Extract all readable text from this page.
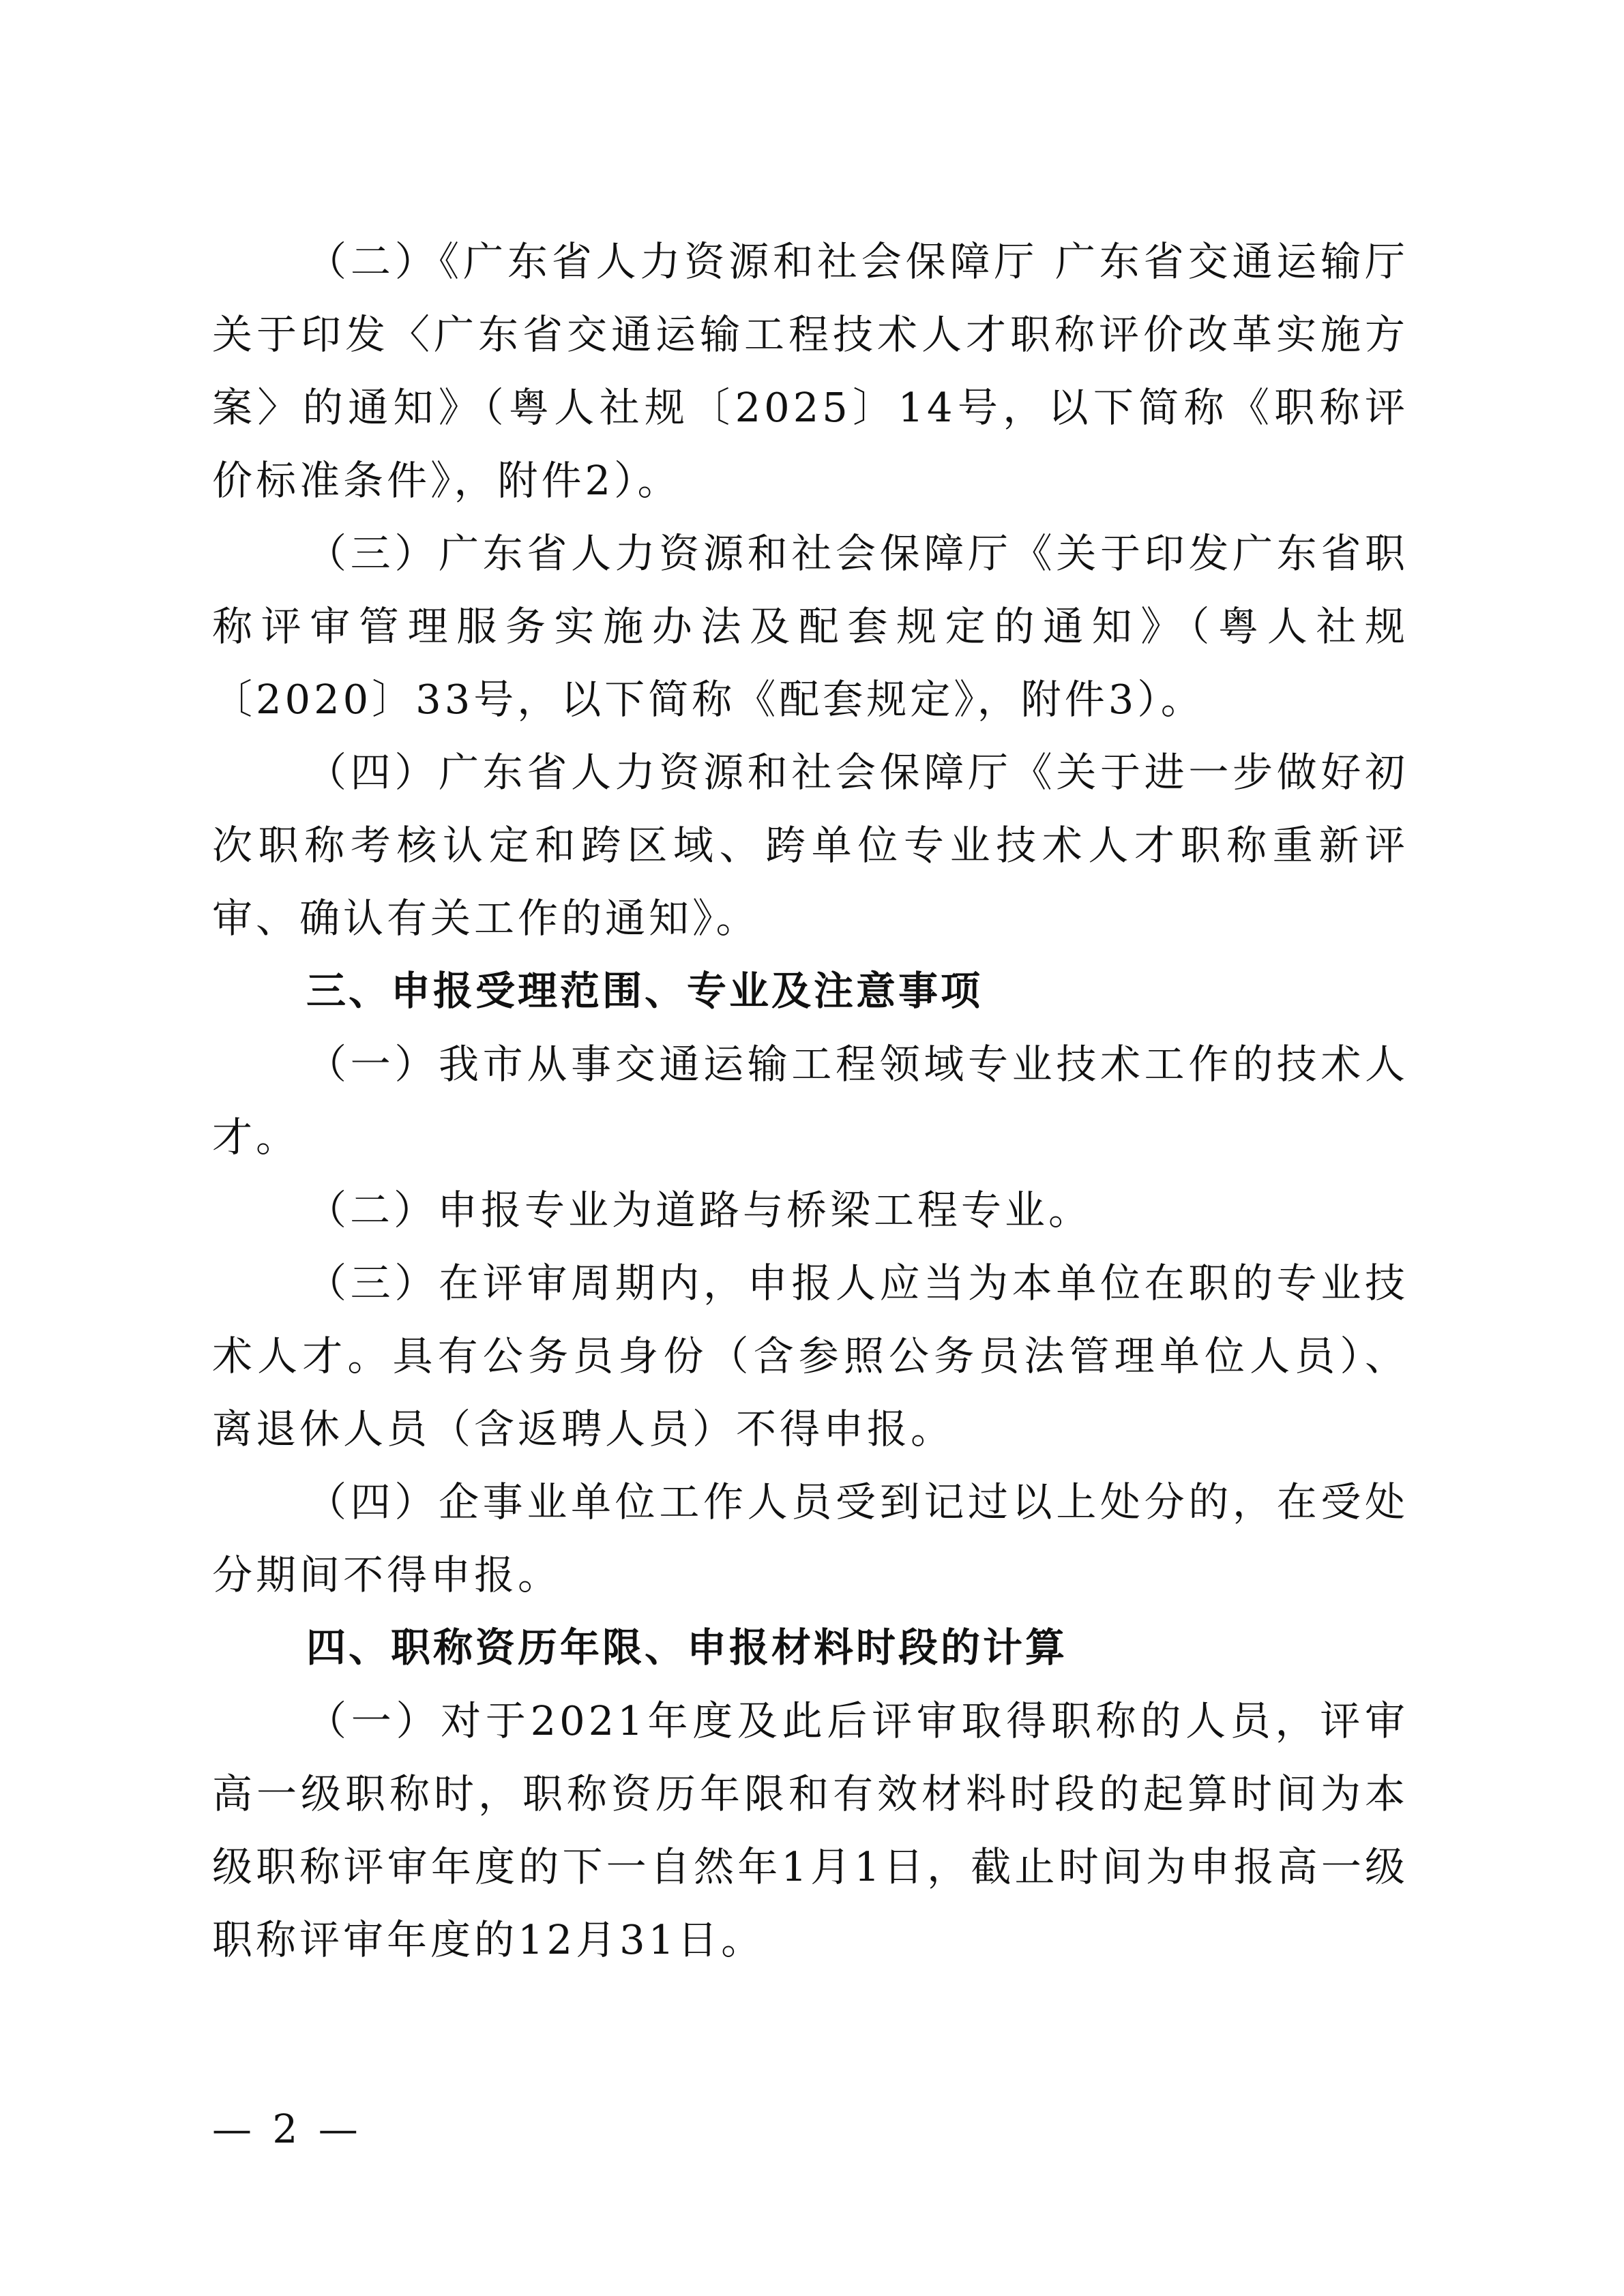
（二）《广东省人力资源和社会保障厅 广东省交通运输厅关于印发〈广东省交通运输工程技术人才职称评价改革实施方案〉的通知》（粤人社规〔2025〕14号，以下简称《职称评价标准条件》，附件2）。

（三）广东省人力资源和社会保障厅《关于印发广东省职称评审管理服务实施办法及配套规定的通知》（粤人社规〔2020〕33号，以下简称《配套规定》，附件3）。

（四）广东省人力资源和社会保障厅《关于进一步做好初次职称考核认定和跨区域、跨单位专业技术人才职称重新评审、确认有关工作的通知》。

三、申报受理范围、专业及注意事项

（一）我市从事交通运输工程领域专业技术工作的技术人才。

（二）申报专业为道路与桥梁工程专业。

（三）在评审周期内，申报人应当为本单位在职的专业技术人才。具有公务员身份（含参照公务员法管理单位人员）、离退休人员（含返聘人员）不得申报。

（四）企事业单位工作人员受到记过以上处分的，在受处分期间不得申报。

四、职称资历年限、申报材料时段的计算

（一）对于2021年度及此后评审取得职称的人员，评审高一级职称时，职称资历年限和有效材料时段的起算时间为本级职称评审年度的下一自然年1月1日，截止时间为申报高一级职称评审年度的12月31日。

— 2 —
